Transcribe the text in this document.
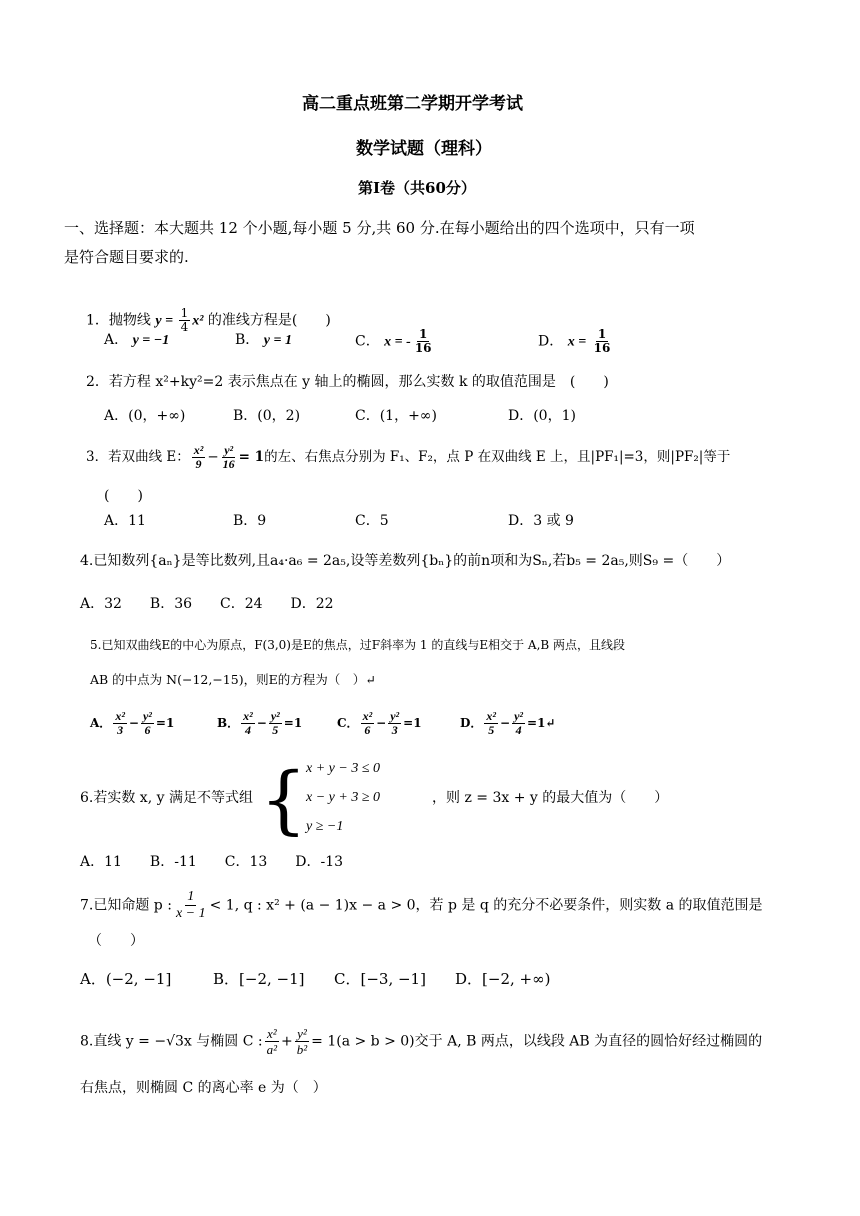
高二重点班第二学期开学考试
数学试题（理科）
第Ⅰ卷（共60分）
一、选择题：本大题共 12 个小题,每小题 5 分,共 60 分.在每小题给出的四个选项中，只有一项
是符合题目要求的.
1．抛物线 $y = \frac{1}{4} x^2$ 的准线方程是(　　)
A． y = −1	B． y = 1	C． x = - $\frac{1}{16}$	D． $x = \frac{1}{16}$
2．若方程 x²+ky²=2 表示焦点在 y 轴上的椭圆，那么实数 k 的取值范围是　(　　)
A．(0，+∞)	B．(0，2)	C．(1，+∞)	D．(0，1)
3．若双曲线 E： $\frac{\text{x²}}{9} - \frac{\text{y²}}{16} = 1$的左、右焦点分别为 F₁、F₂，点 P 在双曲线 E 上，且|PF₁|=3，则|PF₂|等于
(　　)
A．11	B．9	C．5	D．3 或 9
4.已知数列{aₙ}是等比数列,且a₄·a₆ = 2a₅,设等差数列{bₙ}的前n项和为Sₙ,若b₅ = 2a₅,则S₉ =（　　）
A．32　　B．36　　C．24　　D．22
5.已知双曲线E的中心为原点，F(3,0)是E的焦点，过F斜率为 1 的直线与E相交于 A,B 两点，且线段
AB 的中点为 N(−12,−15)，则E的方程为（　）↵
A． $\frac{\text{x²}}{3} - \frac{\text{y²}}{6} =1$	B． $\frac{\text{x²}}{4} - \frac{\text{y²}}{5} =1$	C． $\frac{\text{x²}}{6} - \frac{\text{y²}}{3} =1$	D． $\frac{\text{x²}}{5} - \frac{\text{y²}}{4}$ =1↵
6.若实数 x, y 满足不等式组 {
x + y − 3 ≤ 0
x − y + 3 ≥ 0
y ≥ −1
，则 z = 3x + y 的最大值为（　　）
A．11　　B．-11　　C．13　　D．-13
7.已知命题 p : $\frac{1}{x - 1} < 1$, q : x² + (a − 1)x − a > 0，若 p 是 q 的充分不必要条件，则实数 a 的取值范围是
（　　）
A．(−2, −1]	B．[−2, −1] C．[−3, −1] D．[−2, +∞)
8.直线 y = −√3x 与椭圆 C : $\frac{\text{x²}}{\text{a²}} + \frac{\text{y²}}{\text{b²}} = 1(a > b > 0)$交于 A, B 两点，以线段 AB 为直径的圆恰好经过椭圆的
右焦点，则椭圆 C 的离心率 e 为（　）
